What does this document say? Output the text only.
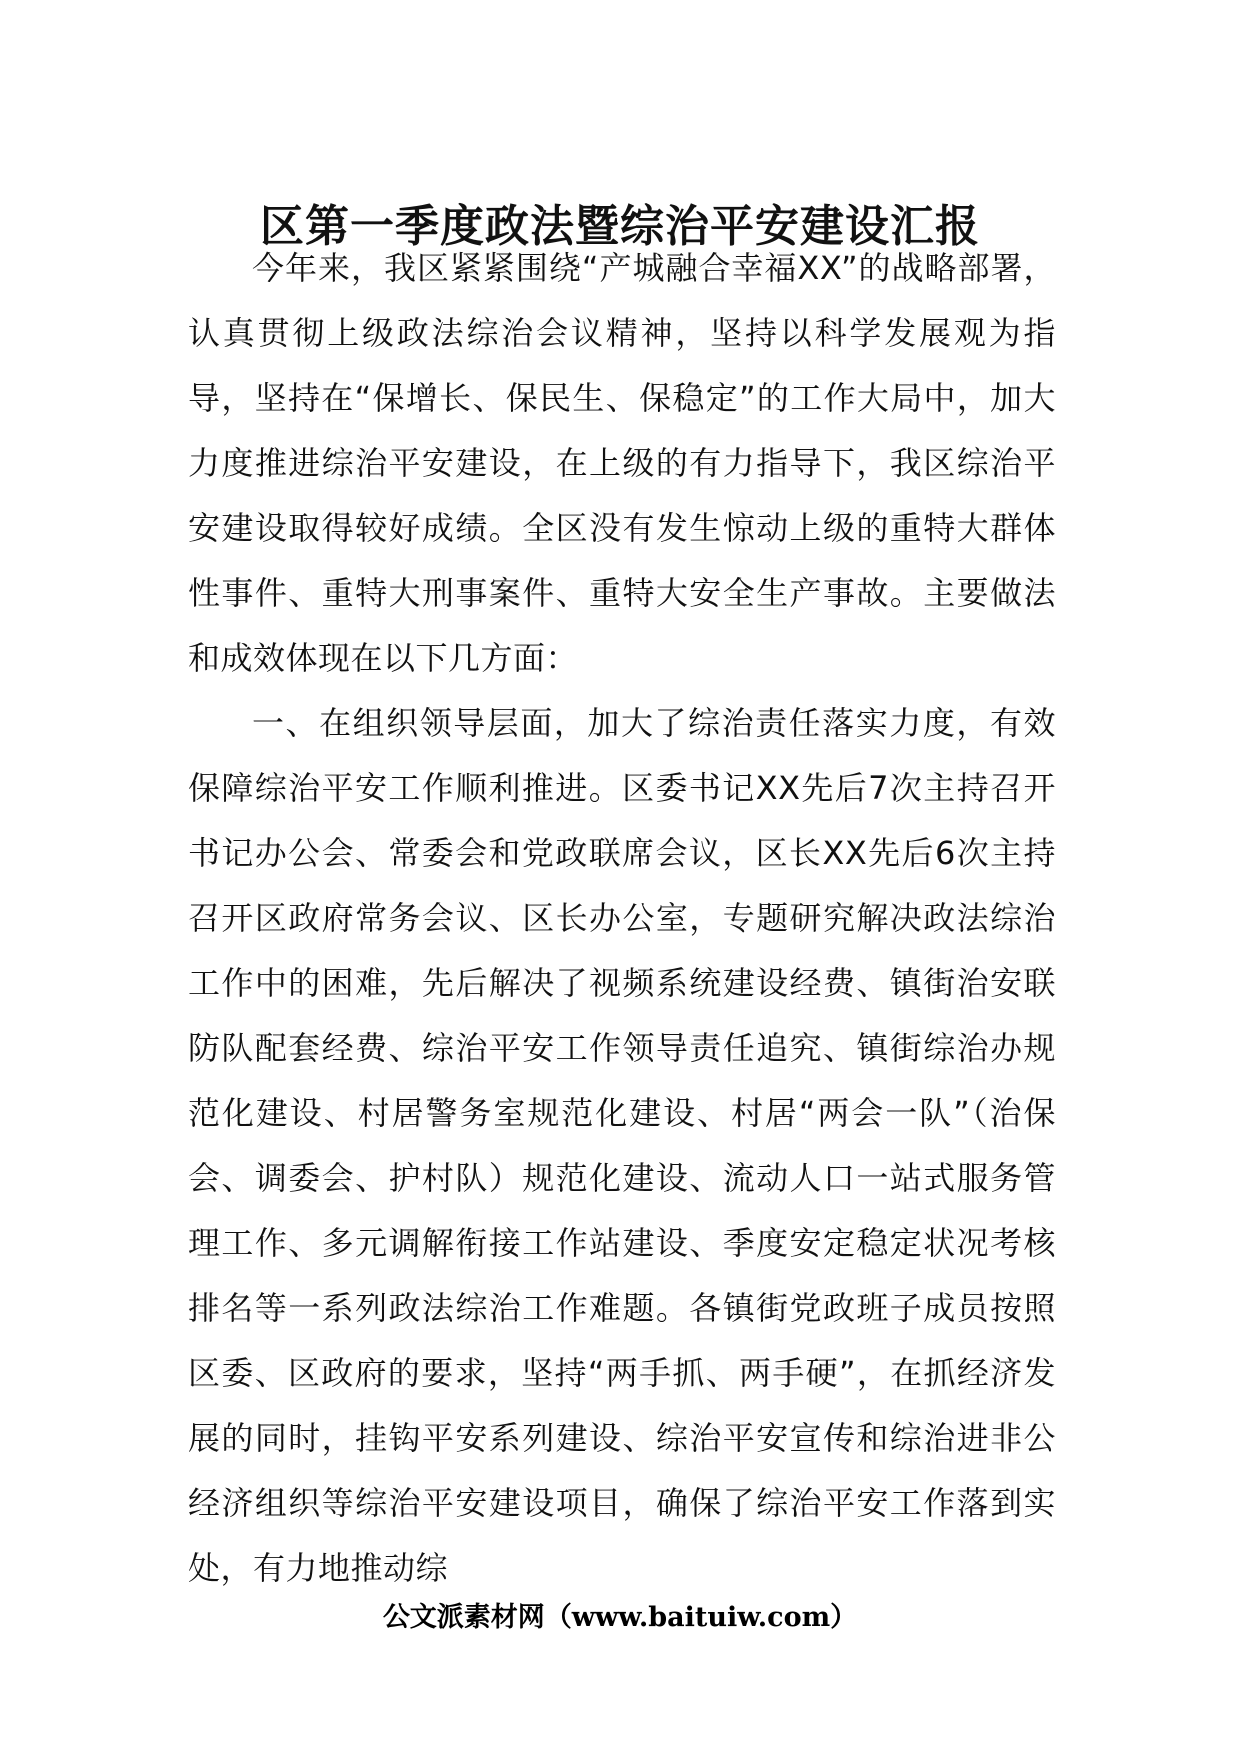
区第一季度政法暨综治平安建设汇报

今年来，我区紧紧围绕“产城融合幸福XX”的战略部署，认真贯彻上级政法综治会议精神，坚持以科学发展观为指导，坚持在“保增长、保民生、保稳定”的工作大局中，加大力度推进综治平安建设，在上级的有力指导下，我区综治平安建设取得较好成绩。全区没有发生惊动上级的重特大群体性事件、重特大刑事案件、重特大安全生产事故。主要做法和成效体现在以下几方面：

一、在组织领导层面，加大了综治责任落实力度，有效保障综治平安工作顺利推进。区委书记XX先后7次主持召开书记办公会、常委会和党政联席会议，区长XX先后6次主持召开区政府常务会议、区长办公室，专题研究解决政法综治工作中的困难，先后解决了视频系统建设经费、镇街治安联防队配套经费、综治平安工作领导责任追究、镇街综治办规范化建设、村居警务室规范化建设、村居“两会一队”（治保会、调委会、护村队）规范化建设、流动人口一站式服务管理工作、多元调解衔接工作站建设、季度安定稳定状况考核排名等一系列政法综治工作难题。各镇街党政班子成员按照区委、区政府的要求，坚持“两手抓、两手硬”，在抓经济发展的同时，挂钩平安系列建设、综治平安宣传和综治进非公经济组织等综治平安建设项目，确保了综治平安工作落到实处，有力地推动综

公文派素材网（www.baituiw.com）
